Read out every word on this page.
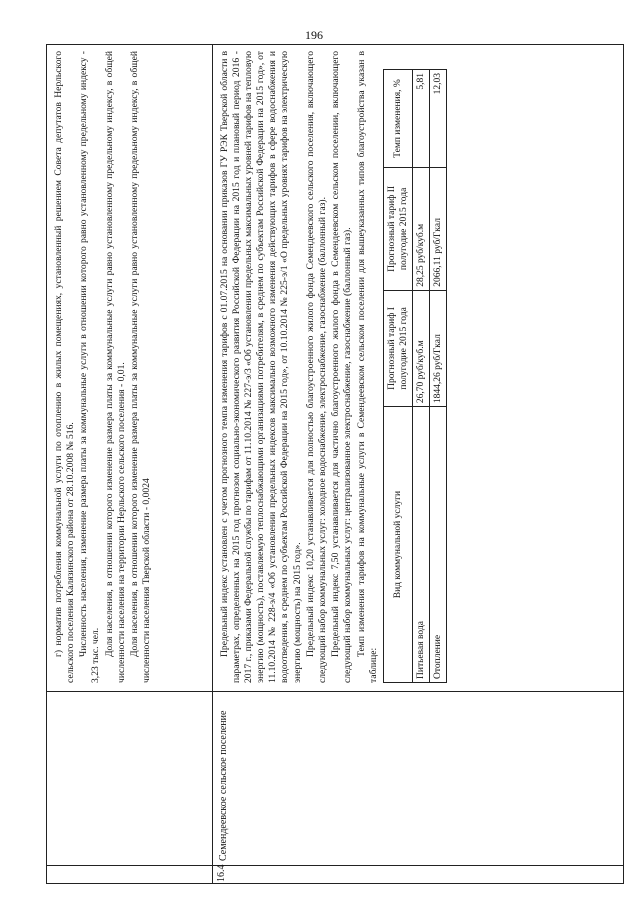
196

г) норматив потребления коммунальной услуги по отоплению в жилых помещениях, установленный решением Совета депутатов Нерльского сельского поселения Калязинского района от 28.10.2008 № 516. Численность населения, изменение размера платы за коммунальные услуги в отношении которого равно установленному предельному индексу - 3,23 тыс. чел. Доля населения, в отношении которого изменение размера платы за коммунальные услуги равно установленному предельному индексу, в общей численности населения на территории Нерльского сельского поселения - 0,01. Доля населения, в отношении которого изменение размера платы за коммунальные услуги равно установленному предельному индексу, в общей численности населения Тверской области - 0,0024

16.4
Семендеевское сельское поселение

Предельный индекс установлен с учетом прогнозного темпа изменения тарифов с 01.07.2015 на основании приказов ГУ РЭК Тверской области в параметрах, определенных на 2015 год прогнозом социально-экономического развития Российской Федерации на 2015 год и плановый период 2016 - 2017 г., приказами Федеральной службы по тарифам от 11.10.2014 № 227-э/3 «Об установлении предельных максимальных уровней тарифов на тепловую энергию (мощность), поставляемую теплоснабжающими организациями потребителям, в среднем по субъектам Российской Федерации на 2015 год», от 11.10.2014 № 228-э/4 «Об установлении предельных индексов максимально возможного изменения действующих тарифов в сфере водоснабжения и водоотведения, в среднем по субъектам Российской Федерации на 2015 год», от 10.10.2014 № 225-э/1 «О предельных уровнях тарифов на электрическую энергию (мощность) на 2015 год». Предельный индекс 10,20 устанавливается для полностью благоустроенного жилого фонда Семендеевского сельского поселения, включающего следующий набор коммунальных услуг: холодное водоснабжение, электроснабжение, газоснабжение (баллонный газ). Предельный индекс 7,50 устанавливается для частично благоустроенного жилого фонда в Семендеевском сельском поселении, включающего следующий набор коммунальных услуг: централизованное электроснабжение, газоснабжение (баллонный газ). Темп изменения тарифов на коммунальные услуги в Семендеевском сельском поселении для вышеуказанных типов благоустройства указан в таблице:

Вид коммунальной услуги	Прогнозный тариф I полугодие 2015 года	Прогнозный тариф II полугодие 2015 года	Темп изменения, %
Питьевая вода	26,70 руб/куб.м	28,25 руб/куб.м	5,81
Отопление	1844,26 руб/Гкал	2066,11 руб/Гкал	12,03
